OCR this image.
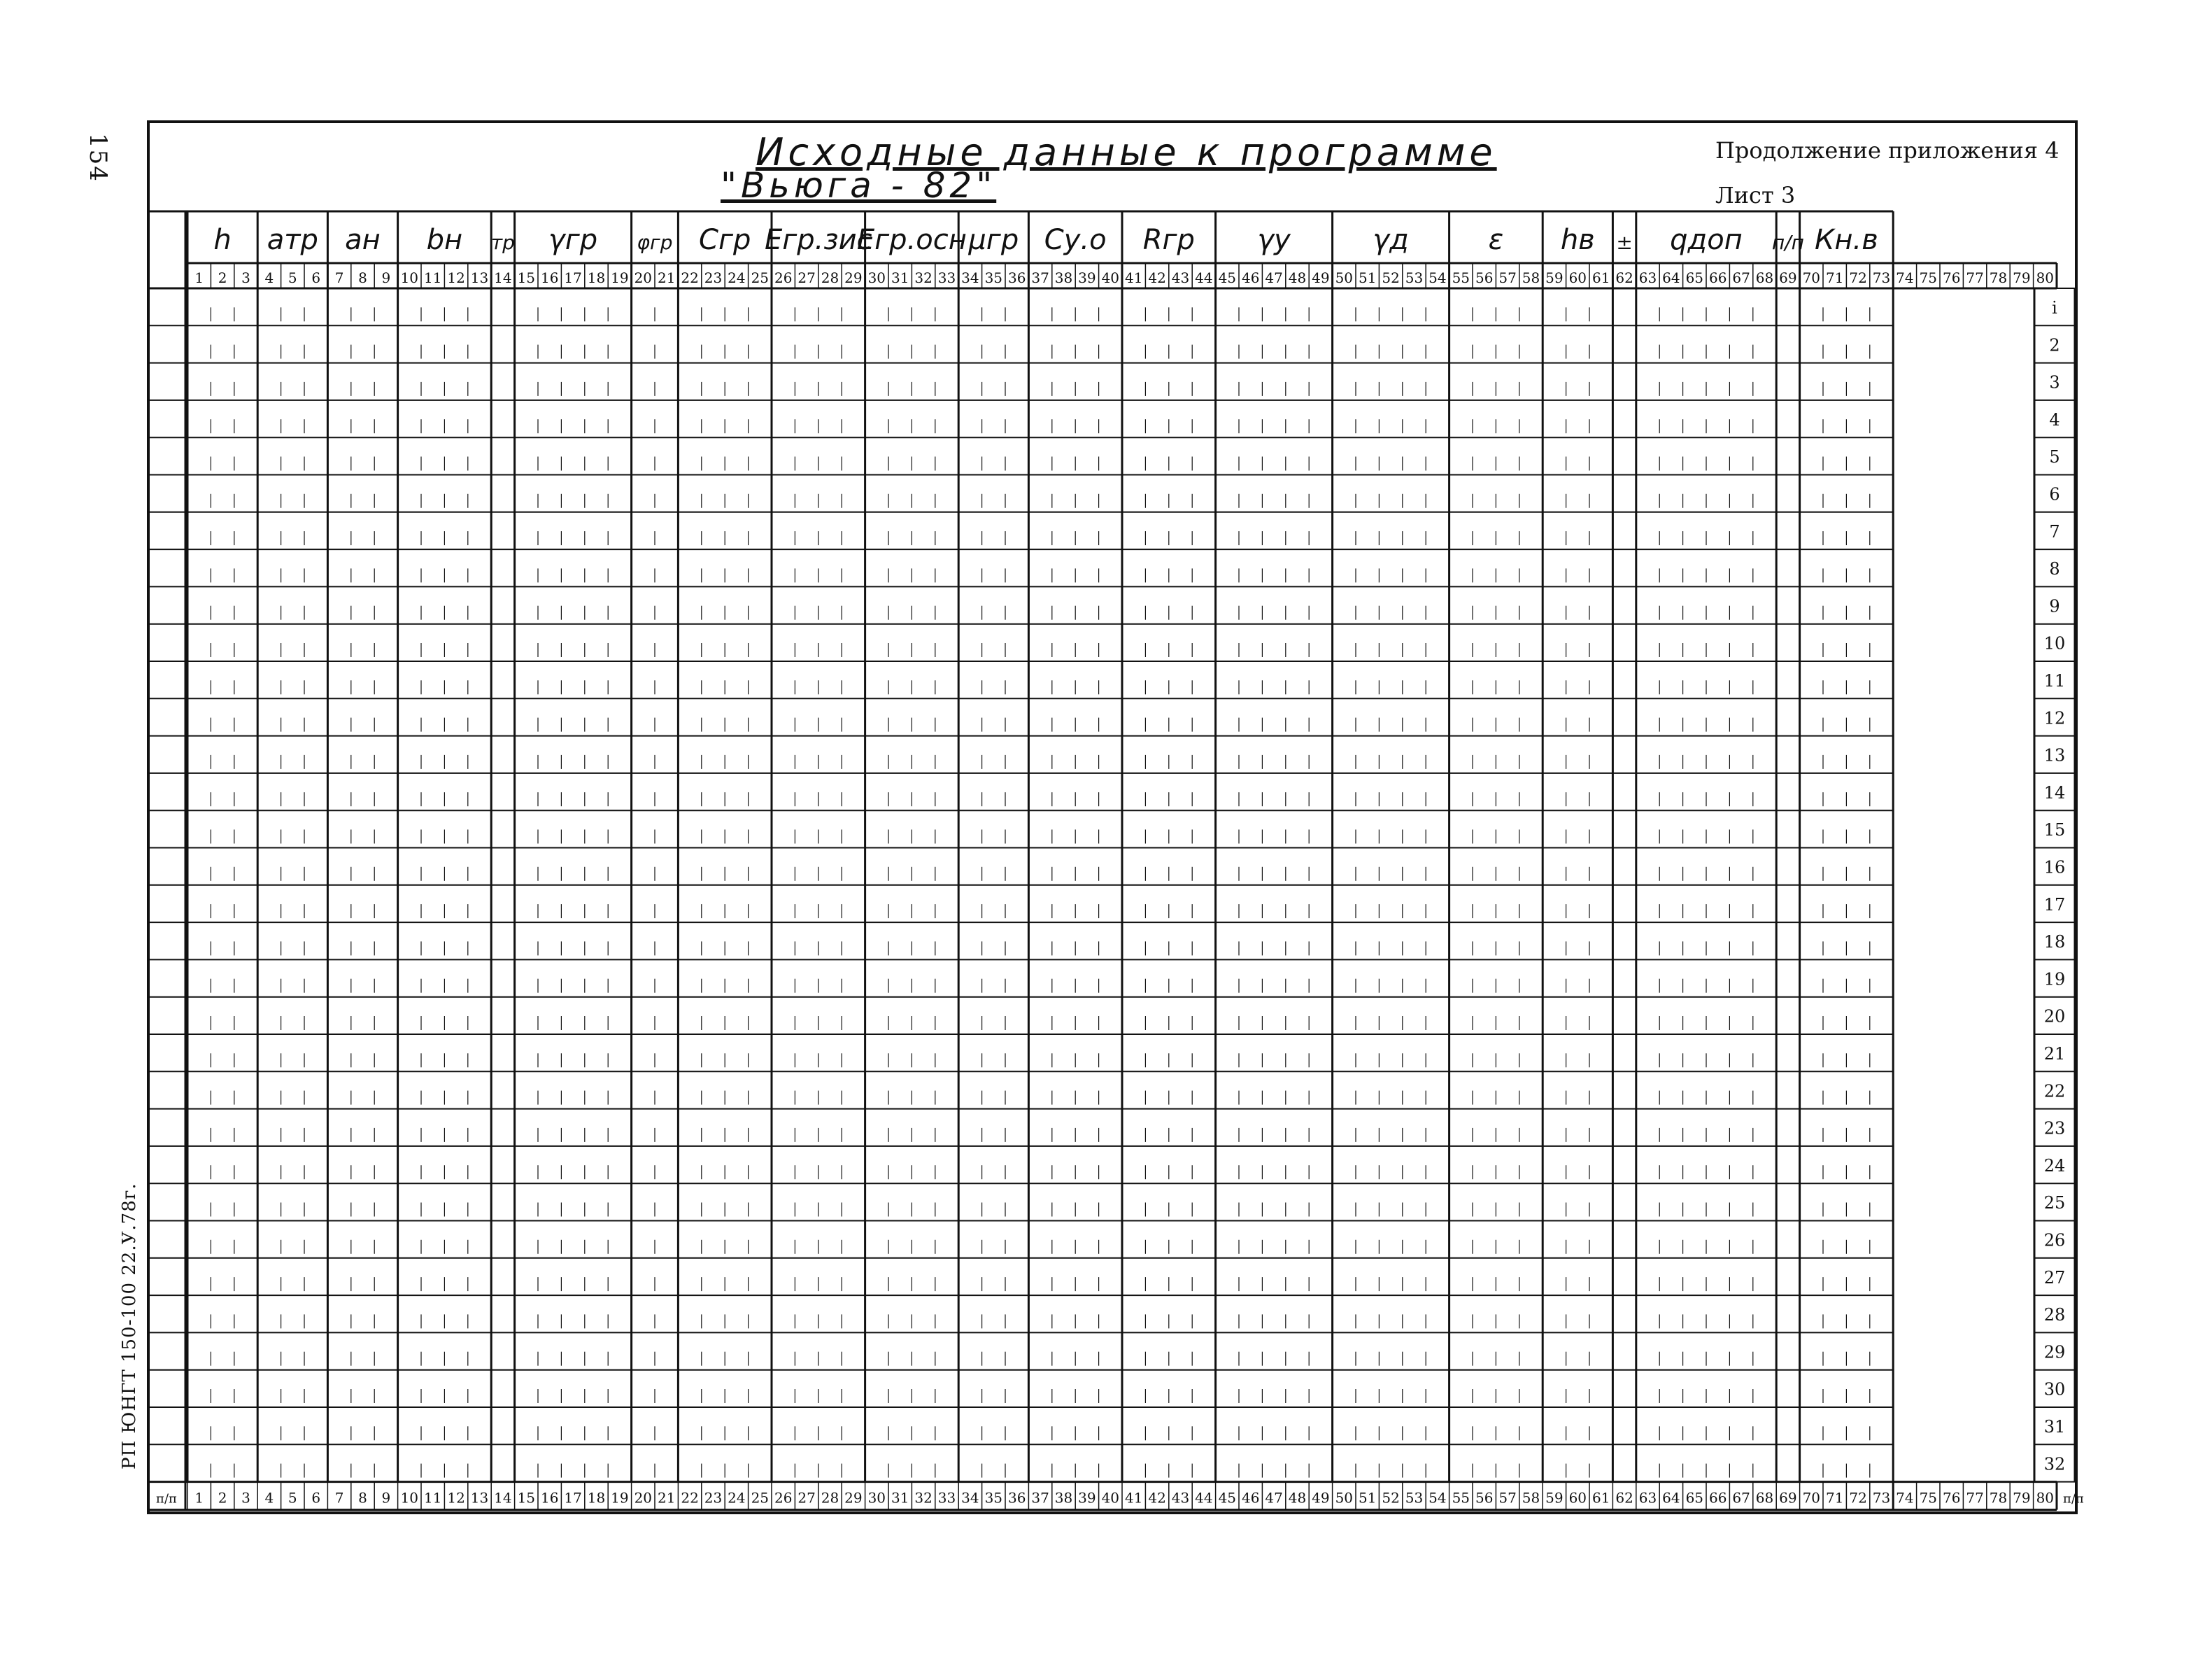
154
РП ЮНГТ 150-100 22.У.78г.
Исходные данные к программе
"Вьюга - 82"
Продолжение приложения 4
Лист 3
h aтр ан bн тр γгр φгр Сгр Егр.зис
Егр.осн μгр Су.о Rгр γу	γд	ε hв ± qдоп п/п Кн.в
1 2 3 4 5 6 7 8 9 10 11 12 13 14 15 16 17 18 19 20 21 22 23 24 25 26 27 28 29 30 31 32 33 34 35 36 37 38 39 40 41 42 43 44 45 46 47 48 49 50 51 52 53 54 55 56 57 58 59 60 61 62 63 64 65 66 67 68 69 70 71 72 73 74 75 76 77 78 79 80
i
2
3
4
5
6
7
8
9
10
11
12
13
14
15
16
17
18
19
20
21
22
23
24
25
26
27
28
29
30
31
32
п/п 1 2 3 4 5 6 7 8 9 10 11 12 13 14 15 16 17 18 19 20 21 22 23 24 25 26 27 28 29 30 31 32 33 34 35 36 37 38 39 40 41 42 43 44 45 46 47 48 49 50 51 52 53 54 55 56 57 58 59 60 61 62 63 64 65 66 67 68 69 70 71 72 73 74 75 76 77 78 79 80 п/п
